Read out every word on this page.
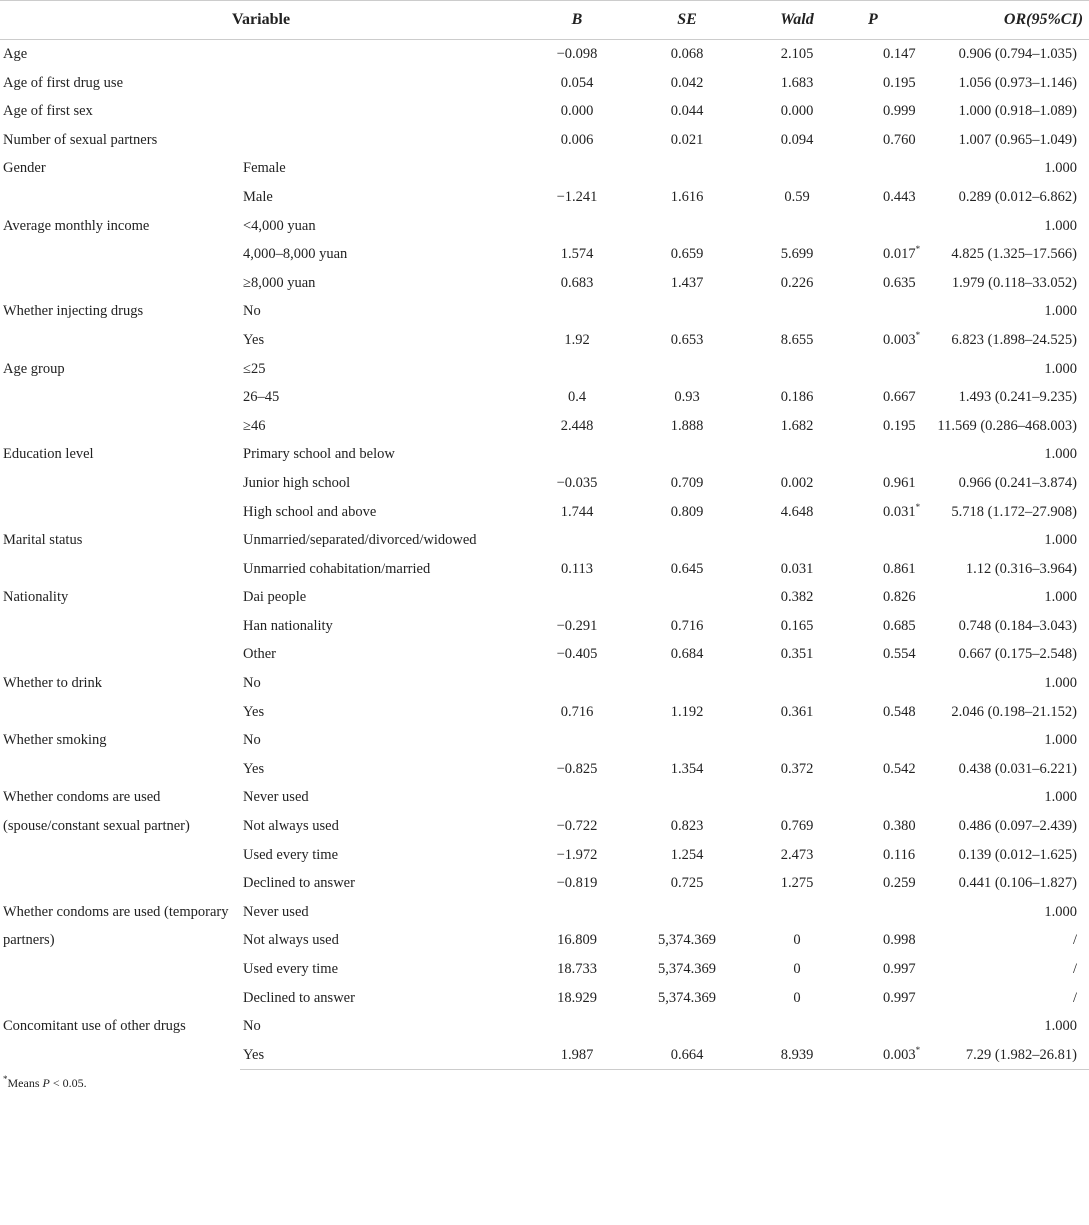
Variable		B	SE	Wald	P	OR(95%CI)
Age		−0.098	0.068	2.105	0.147	0.906 (0.794–1.035)
Age of first drug use		0.054	0.042	1.683	0.195	1.056 (0.973–1.146)
Age of first sex		0.000	0.044	0.000	0.999	1.000 (0.918–1.089)
Number of sexual partners		0.006	0.021	0.094	0.760	1.007 (0.965–1.049)
Gender	Female					1.000
	Male	−1.241	1.616	0.59	0.443	0.289 (0.012–6.862)
Average monthly income	<4,000 yuan					1.000
	4,000–8,000 yuan	1.574	0.659	5.699	0.017*	4.825 (1.325–17.566)
	≥8,000 yuan	0.683	1.437	0.226	0.635	1.979 (0.118–33.052)
Whether injecting drugs	No					1.000
	Yes	1.92	0.653	8.655	0.003*	6.823 (1.898–24.525)
Age group	≤25					1.000
	26–45	0.4	0.93	0.186	0.667	1.493 (0.241–9.235)
	≥46	2.448	1.888	1.682	0.195	11.569 (0.286–468.003)
Education level	Primary school and below					1.000
	Junior high school	−0.035	0.709	0.002	0.961	0.966 (0.241–3.874)
	High school and above	1.744	0.809	4.648	0.031*	5.718 (1.172–27.908)
Marital status	Unmarried/separated/divorced/widowed					1.000
	Unmarried cohabitation/married	0.113	0.645	0.031	0.861	1.12 (0.316–3.964)
Nationality	Dai people			0.382	0.826	1.000
	Han nationality	−0.291	0.716	0.165	0.685	0.748 (0.184–3.043)
	Other	−0.405	0.684	0.351	0.554	0.667 (0.175–2.548)
Whether to drink	No					1.000
	Yes	0.716	1.192	0.361	0.548	2.046 (0.198–21.152)
Whether smoking	No					1.000
	Yes	−0.825	1.354	0.372	0.542	0.438 (0.031–6.221)
Whether condoms are used (spouse/constant sexual partner)	Never used					1.000
	Not always used	−0.722	0.823	0.769	0.380	0.486 (0.097–2.439)
	Used every time	−1.972	1.254	2.473	0.116	0.139 (0.012–1.625)
	Declined to answer	−0.819	0.725	1.275	0.259	0.441 (0.106–1.827)
Whether condoms are used (temporary partners)	Never used					1.000
	Not always used	16.809	5,374.369	0	0.998	/
	Used every time	18.733	5,374.369	0	0.997	/
	Declined to answer	18.929	5,374.369	0	0.997	/
Concomitant use of other drugs	No					1.000
	Yes	1.987	0.664	8.939	0.003*	7.29 (1.982–26.81)
*Means P < 0.05.
